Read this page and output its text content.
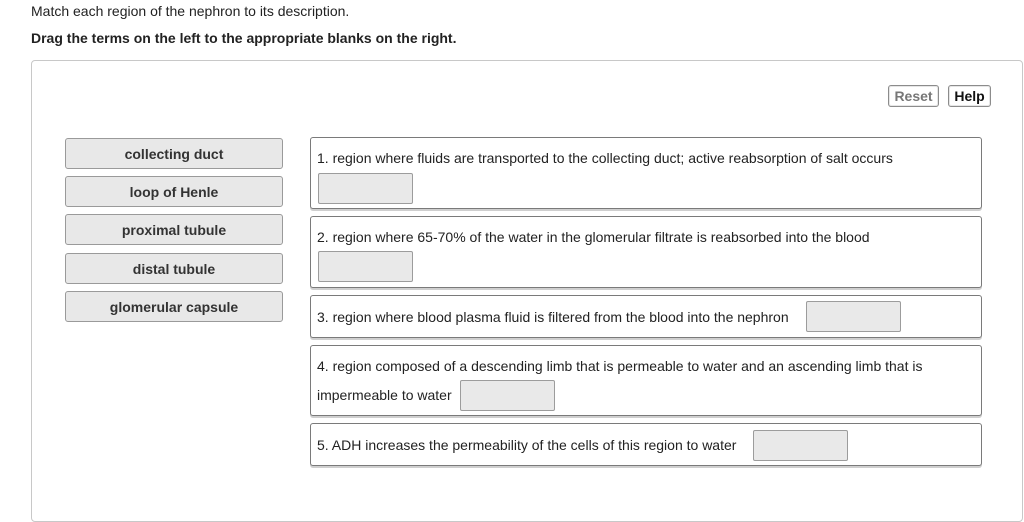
Match each region of the nephron to its description.
Drag the terms on the left to the appropriate blanks on the right.
Reset	Help
collecting duct
loop of Henle
proximal tubule
distal tubule
glomerular capsule
1. region where fluids are transported to the collecting duct; active reabsorption of salt occurs
2. region where 65-70% of the water in the glomerular filtrate is reabsorbed into the blood
3. region where blood plasma fluid is filtered from the blood into the nephron
4. region composed of a descending limb that is permeable to water and an ascending limb that is
impermeable to water
5. ADH increases the permeability of the cells of this region to water
